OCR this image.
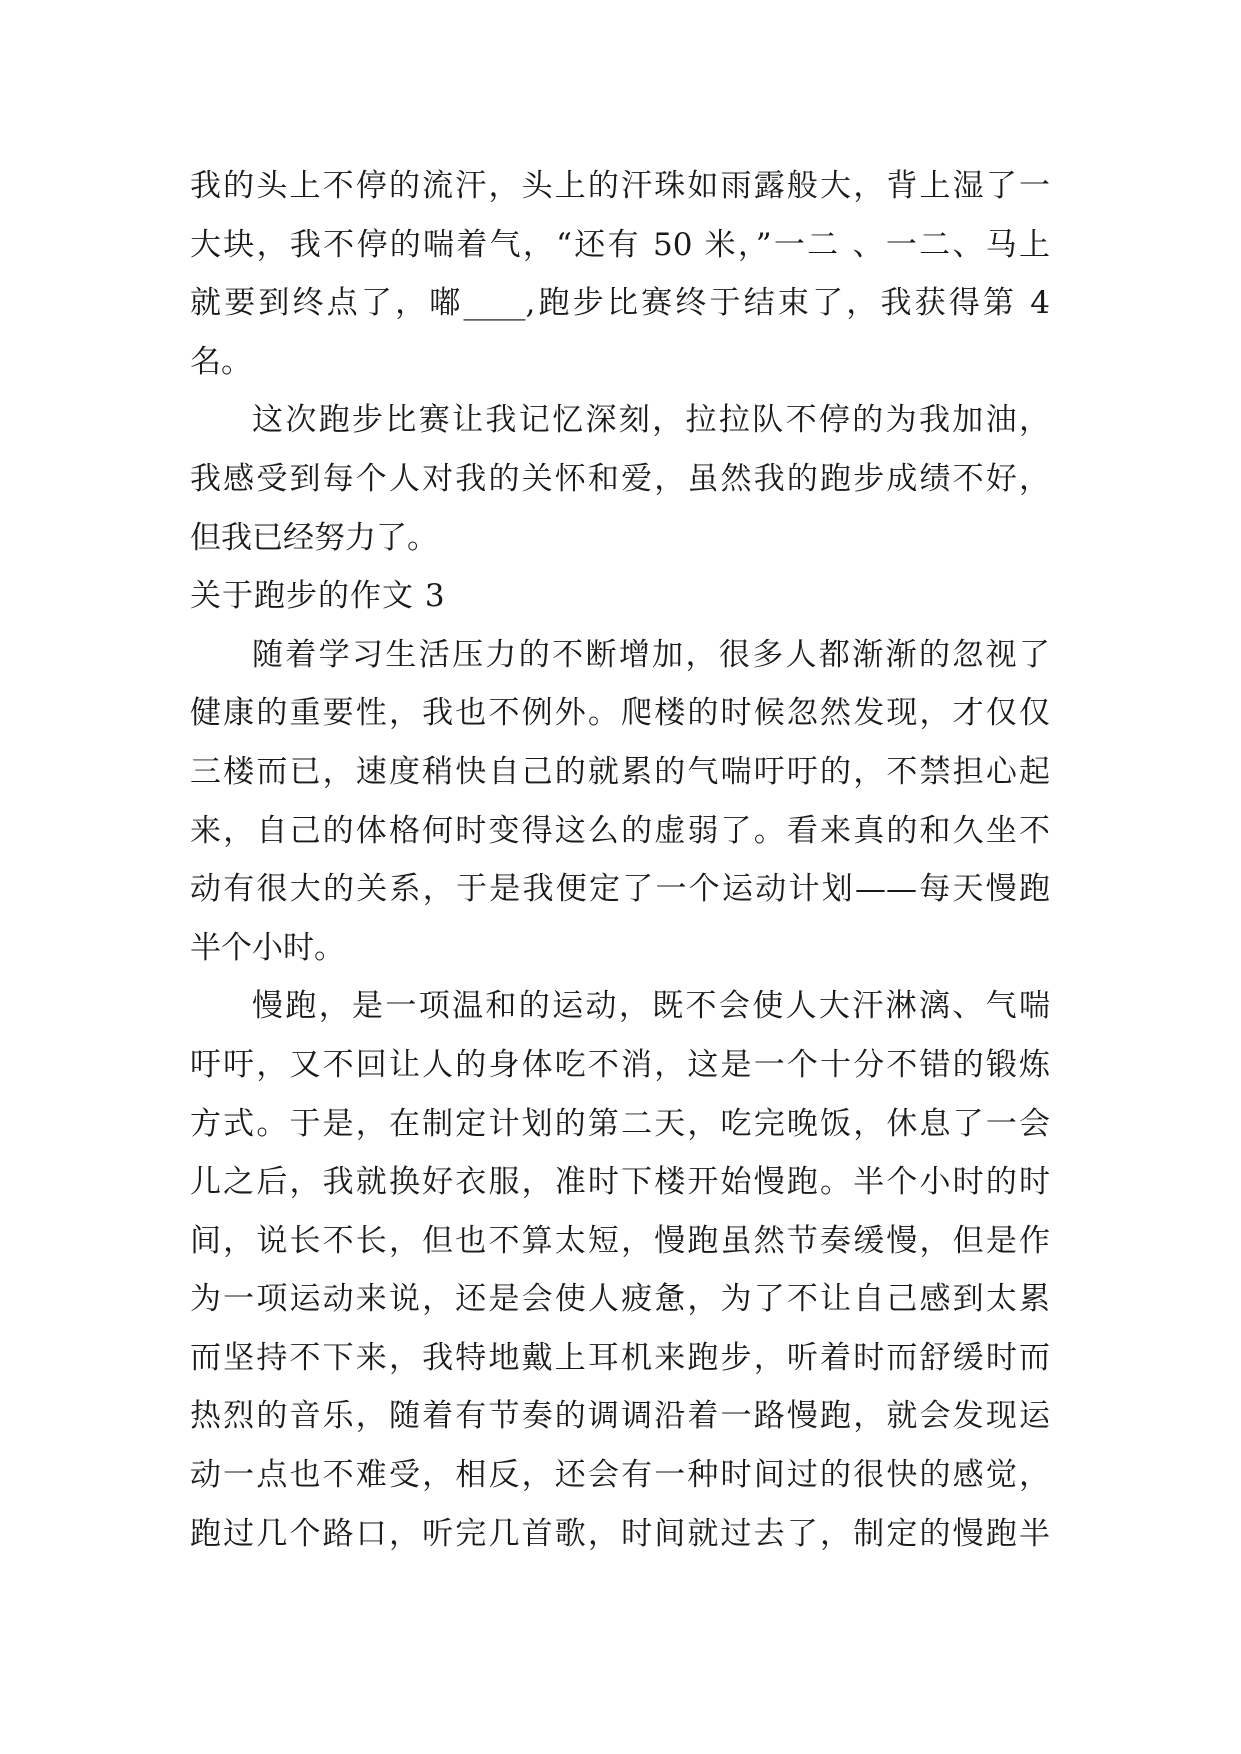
我的头上不停的流汗，头上的汗珠如雨露般大，背上湿了一
大块，我不停的喘着气，“还有 50 米，”一二 、一二、马上
就要到终点了，嘟____,跑步比赛终于结束了，我获得第 4
名。
这次跑步比赛让我记忆深刻，拉拉队不停的为我加油，
我感受到每个人对我的关怀和爱，虽然我的跑步成绩不好，
但我已经努力了。
关于跑步的作文 3
随着学习生活压力的不断增加，很多人都渐渐的忽视了
健康的重要性，我也不例外。爬楼的时候忽然发现，才仅仅
三楼而已，速度稍快自己的就累的气喘吁吁的，不禁担心起
来，自己的体格何时变得这么的虚弱了。看来真的和久坐不
动有很大的关系，于是我便定了一个运动计划——每天慢跑
半个小时。
慢跑，是一项温和的运动，既不会使人大汗淋漓、气喘
吁吁，又不回让人的身体吃不消，这是一个十分不错的锻炼
方式。于是，在制定计划的第二天，吃完晚饭，休息了一会
儿之后，我就换好衣服，准时下楼开始慢跑。半个小时的时
间，说长不长，但也不算太短，慢跑虽然节奏缓慢，但是作
为一项运动来说，还是会使人疲惫，为了不让自己感到太累
而坚持不下来，我特地戴上耳机来跑步，听着时而舒缓时而
热烈的音乐，随着有节奏的调调沿着一路慢跑，就会发现运
动一点也不难受，相反，还会有一种时间过的很快的感觉，
跑过几个路口，听完几首歌，时间就过去了，制定的慢跑半
